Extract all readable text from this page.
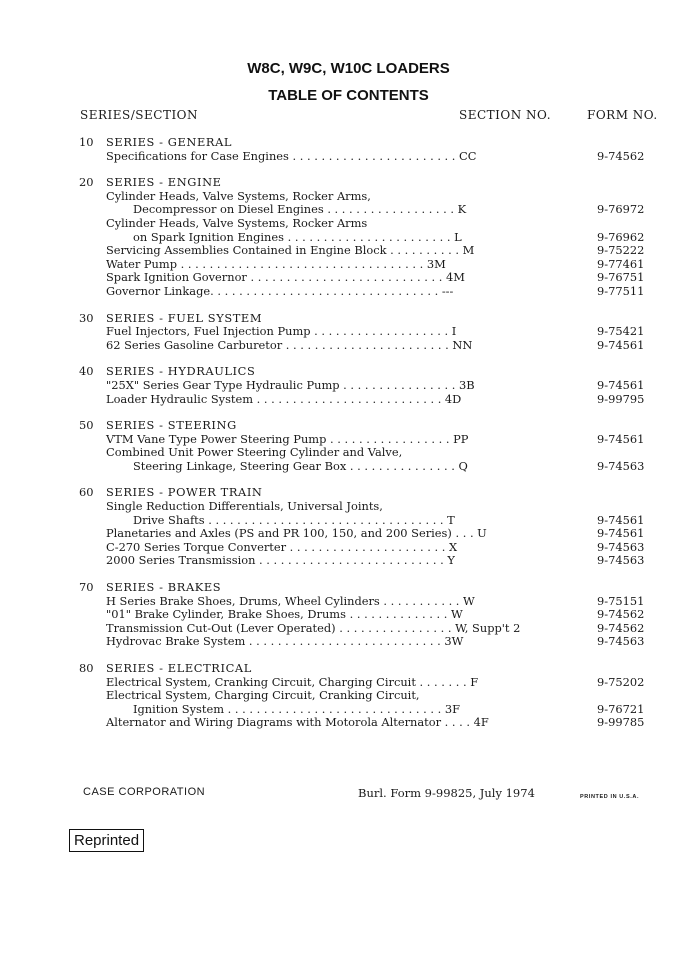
W8C, W9C, W10C LOADERS
TABLE OF CONTENTS
SERIES/SECTION	SECTION NO.	FORM NO.
10 SERIES - GENERAL
Specifications for Case Engines . . . . . . . . . . . . . . . . . . . . . . . CC	9-74562
20 SERIES - ENGINE
Cylinder Heads, Valve Systems, Rocker Arms,
Decompressor on Diesel Engines . . . . . . . . . . . . . . . . . . K	9-76972
Cylinder Heads, Valve Systems, Rocker Arms
on Spark Ignition Engines . . . . . . . . . . . . . . . . . . . . . . . L	9-76962
Servicing Assemblies Contained in Engine Block . . . . . . . . . . M	9-75222
Water Pump . . . . . . . . . . . . . . . . . . . . . . . . . . . . . . . . . . 3M	9-77461
Spark Ignition Governor . . . . . . . . . . . . . . . . . . . . . . . . . . . 4M	9-76751
Governor Linkage. . . . . . . . . . . . . . . . . . . . . . . . . . . . . . . . ---	9-77511
30 SERIES - FUEL SYSTEM
Fuel Injectors, Fuel Injection Pump . . . . . . . . . . . . . . . . . . . I	9-75421
62 Series Gasoline Carburetor . . . . . . . . . . . . . . . . . . . . . . . NN	9-74561
40 SERIES - HYDRAULICS
"25X" Series Gear Type Hydraulic Pump . . . . . . . . . . . . . . . . 3B	9-74561
Loader Hydraulic System . . . . . . . . . . . . . . . . . . . . . . . . . . 4D	9-99795
50 SERIES - STEERING
VTM Vane Type Power Steering Pump . . . . . . . . . . . . . . . . . PP	9-74561
Combined Unit Power Steering Cylinder and Valve,
Steering Linkage, Steering Gear Box . . . . . . . . . . . . . . . Q	9-74563
60 SERIES - POWER TRAIN
Single Reduction Differentials, Universal Joints,
Drive Shafts . . . . . . . . . . . . . . . . . . . . . . . . . . . . . . . . . T	9-74561
Planetaries and Axles (PS and PR 100, 150, and 200 Series) . . . U	9-74561
C-270 Series Torque Converter . . . . . . . . . . . . . . . . . . . . . . X	9-74563
2000 Series Transmission . . . . . . . . . . . . . . . . . . . . . . . . . . Y	9-74563
70 SERIES - BRAKES
H Series Brake Shoes, Drums, Wheel Cylinders . . . . . . . . . . . W	9-75151
"01" Brake Cylinder, Brake Shoes, Drums . . . . . . . . . . . . . . W	9-74562
Transmission Cut-Out (Lever Operated) . . . . . . . . . . . . . . . . W, Supp't 2	9-74562
Hydrovac Brake System . . . . . . . . . . . . . . . . . . . . . . . . . . . 3W	9-74563
80 SERIES - ELECTRICAL
Electrical System, Cranking Circuit, Charging Circuit . . . . . . . F	9-75202
Electrical System, Charging Circuit, Cranking Circuit,
Ignition System . . . . . . . . . . . . . . . . . . . . . . . . . . . . . . 3F	9-76721
Alternator and Wiring Diagrams with Motorola Alternator . . . . 4F	9-99785
CASE CORPORATION	Burl. Form 9-99825, July 1974	PRINTED IN U.S.A.
Reprinted
